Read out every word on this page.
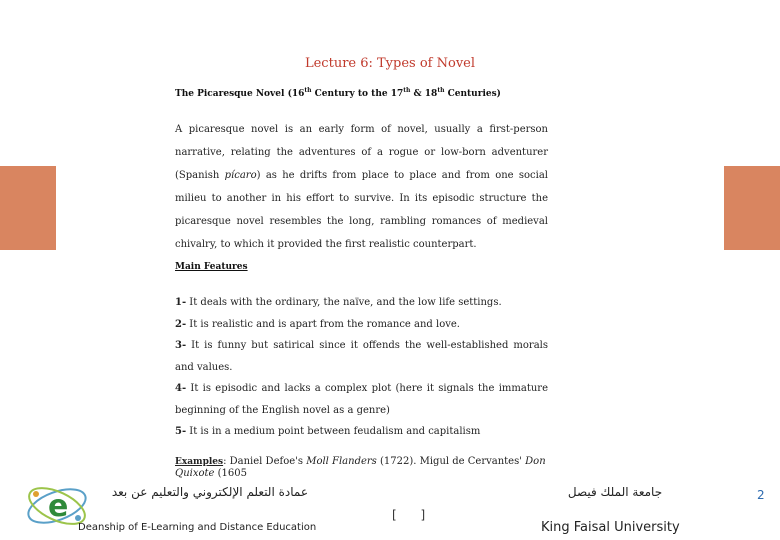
Lecture 6: Types of Novel
The Picaresque Novel (16th Century to the 17th & 18th Centuries)
A picaresque novel is an early form of novel, usually a first-person narrative, relating the adventures of a rogue or low-born adventurer (Spanish pícaro) as he drifts from place to place and from one social milieu to another in his effort to survive. In its episodic structure the picaresque novel resembles the long, rambling romances of medieval chivalry, to which it provided the first realistic counterpart.
Main Features
1- It deals with the ordinary, the naïve, and the low life settings.
2- It is realistic and is apart from the romance and love.
3- It is funny but satirical since it offends the well-established morals and values.
4- It is episodic and lacks a complex plot (here it signals the immature beginning of the English novel as a genre)
5- It is in a medium point between feudalism and capitalism
Examples: Daniel Defoe's Moll Flanders (1722). Migul de Cervantes' Don Quixote (1605
e	عمادة التعلم الإلكتروني والتعليم عن بعد
Deanship of E-Learning and Distance Education
[ ]
جامعة الملك فيصل
King Faisal University
2
